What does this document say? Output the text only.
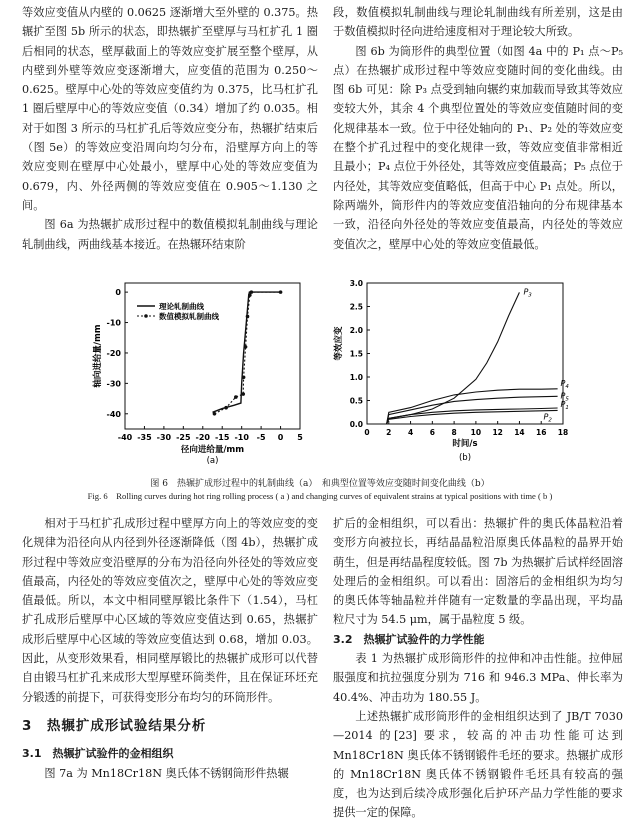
等效应变值从内壁的 0.0625 逐渐增大至外壁的 0.375。热辗扩至图 5b 所示的状态，即热辗扩至壁厚与马杠扩孔 1 圈后相同的状态，壁厚截面上的等效应变扩展至整个壁厚，从内壁到外壁等效应变逐渐增大，应变值的范围为 0.250～0.625。壁厚中心处的等效应变值约为 0.375，比马杠扩孔 1 圈后壁厚中心的等效应变值（0.34）增加了约 0.035。相对于如图 3 所示的马杠扩孔后等效应变分布，热辗扩结束后（图 5e）的等效应变沿周向均匀分布，沿壁厚方向上的等效应变则在壁厚中心处最小，壁厚中心处的等效应变值为 0.679，内、外径两侧的等效应变值在 0.905～1.130 之间。

图 6a 为热辗扩成形过程中的数值模拟轧制曲线与理论轧制曲线，两曲线基本接近。在热辗环结束阶

段，数值模拟轧制曲线与理论轧制曲线有所差别，这是由于数值模拟时径向进给速度相对于理论较大所致。

图 6b 为筒形件的典型位置（如图 4a 中的 P₁ 点～P₅ 点）在热辗扩成形过程中等效应变随时间的变化曲线。由图 6b 可见：除 P₃ 点受到轴向辗约束加载而导致其等效应变较大外，其余 4 个典型位置处的等效应变值随时间的变化规律基本一致。位于中径处轴向的 P₁、P₂ 处的等效应变在整个扩孔过程中的变化规律一致，等效应变值非常相近且最小；P₄ 点位于外径处，其等效应变值最高；P₅ 点位于内径处，其等效应变值略低，但高于中心 P₁ 点处。所以，除两端外，筒形件内的等效应变值沿轴向的分布规律基本一致，沿径向外径处的等效应变值最高，内径处的等效应变值次之，壁厚中心处的等效应变值最低。

-40 -35 -30 -25 -20 -15 -10 -5 0 5
0
-10
-20
-30
-40
径向进给量/mm
轴向进给量/mm
(a)
理论轧制曲线
数值模拟轧制曲线
0 2 4 6 8 10 12 14 16 18
0.0
0.5
1.0
1.5
2.0
2.5
3.0
时间/s
等效应变
(b)
$P_3$
$P_4$
$P_5$
$P_1$
$P_2$
图 6　热辗扩成形过程中的轧制曲线（a）　和典型位置等效应变随时间变化曲线（b）
Fig. 6　Rolling curves during hot ring rolling process ( a ) and changing curves of equivalent strains at typical positions with time ( b )

相对于马杠扩孔成形过程中壁厚方向上的等效应变的变化规律为沿径向从内径到外径逐渐降低（图 4b），热辗扩成形过程中等效应变沿壁厚的分布为沿径向外径处的等效应变值最高，内径处的等效应变值次之，壁厚中心处的等效应变值最低。所以，本文中相同壁厚锻比条件下（1.54），马杠扩孔成形后壁厚中心区域的等效应变值达到 0.65，热辗扩成形后壁厚中心区域的等效应变值达到 0.68，增加 0.03。因此，从变形效果看，相同壁厚锻比的热辗扩成形可以代替自由锻马杠扩孔来成形大型厚壁环筒类件，且在保证环坯充分锻透的前提下，可获得变形分布均匀的环筒形件。

3　热辗扩成形试验结果分析

3.1　热辗扩试验件的金相组织

图 7a 为 Mn18Cr18N 奥氏体不锈钢筒形件热辗

扩后的金相组织，可以看出：热辗扩件的奥氏体晶粒沿着变形方向被拉长，再结晶晶粒沿原奥氏体晶粒的晶界开始萌生，但是再结晶程度较低。图 7b 为热辗扩后试样经固溶处理后的金相组织。可以看出：固溶后的金相组织为均匀的奥氏体等轴晶粒并伴随有一定数量的孪晶出现，平均晶粒尺寸为 54.5 μm，属于晶粒度 5 级。

3.2　热辗扩试验件的力学性能

表 1 为热辗扩成形筒形件的拉伸和冲击性能。拉伸屈服强度和抗拉强度分别为 716 和 946.3 MPa、伸长率为 40.4%、冲击功为 180.55 J。

上述热辗扩成形筒形件的金相组织达到了 JB/T 7030—2014 的[23] 要求，较高的冲击功性能可达到 Mn18Cr18N 奥氏体不锈钢锻件毛坯的要求。热辗扩成形的 Mn18Cr18N 奥氏体不锈钢锻件毛坯具有较高的强度，也为达到后续冷成形强化后护环产品力学性能的要求提供一定的保障。
